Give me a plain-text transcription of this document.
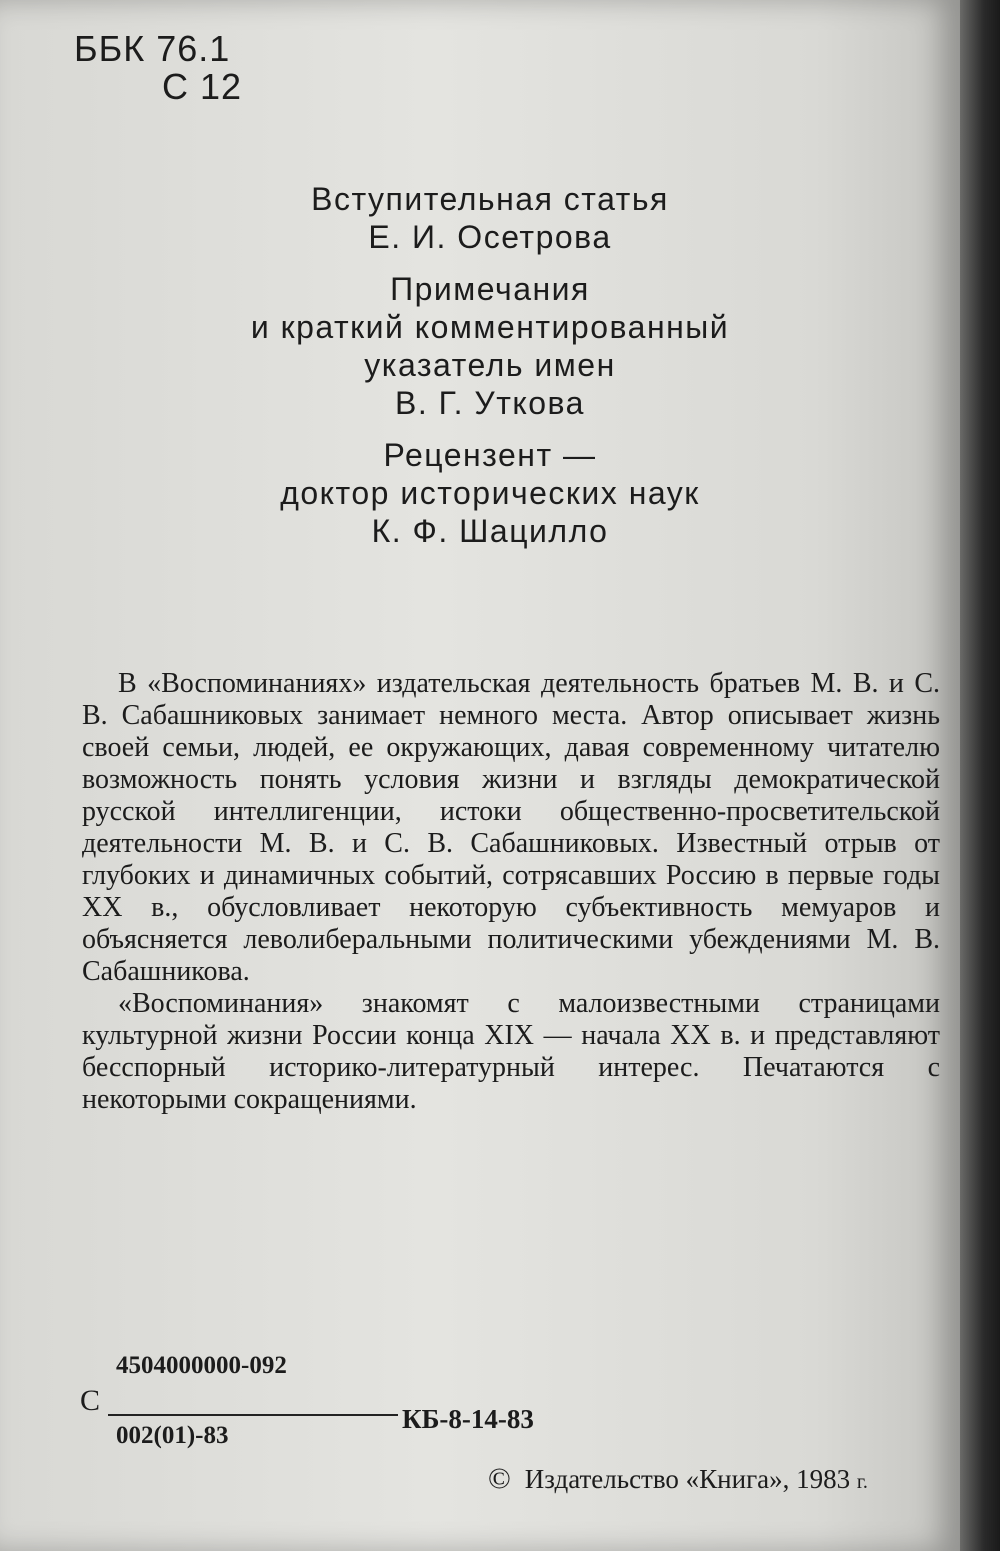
ББК 76.1
С 12
Вступительная статья
Е. И. Осетрова
Примечания
и краткий комментированный
указатель имен
В. Г. Уткова
Рецензент —
доктор исторических наук
К. Ф. Шацилло

В «Воспоминаниях» издательская деятельность братьев М. В. и С. В. Сабашниковых занимает немного места. Автор описывает жизнь своей семьи, людей, ее окружающих, давая современному читателю возможность понять условия жизни и взгляды демократической русской интеллигенции, истоки общественно-просветительской деятельности М. В. и С. В. Сабашниковых. Известный отрыв от глубоких и динамичных событий, сотрясавших Россию в первые годы XX в., обусловливает некоторую субъективность мемуаров и объясняется леволиберальными политическими убеждениями М. В. Сабашникова.

«Воспоминания» знакомят с малоизвестными страницами культурной жизни России конца XIX — начала XX в. и представляют бесспорный историко-литературный интерес. Печатаются с некоторыми сокращениями.

С
4504000000-092
002(01)-83
КБ-8-14-83
© Издательство «Книга», 1983 г.
